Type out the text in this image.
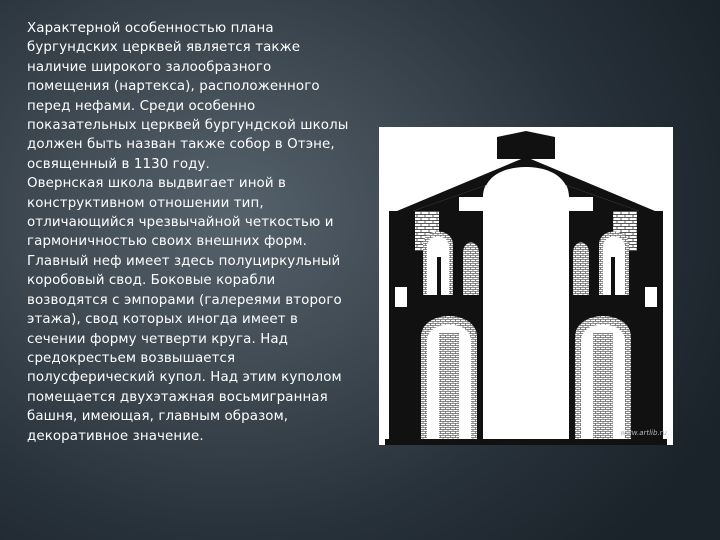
Характерной особенностью плана
бургундских церквей является также
наличие широкого залообразного
помещения (нартекса), расположенного
перед нефами. Среди особенно
показательных церквей бургундской школы
должен быть назван также собор в Отэне,
освященный в 1130 году.
Овернская школа выдвигает иной в
конструктивном отношении тип,
отличающийся чрезвычайной четкостью и
гармоничностью своих внешних форм.
Главный неф имеет здесь полуциркульный
коробовый свод. Боковые корабли
возводятся с эмпорами (галереями второго
этажа), свод которых иногда имеет в
сечении форму четверти круга. Над
средокрестьем возвышается
полусферический купол. Над этим куполом
помещается двухэтажная восьмигранная
башня, имеющая, главным образом,
декоративное значение.	www.artlib.ru
